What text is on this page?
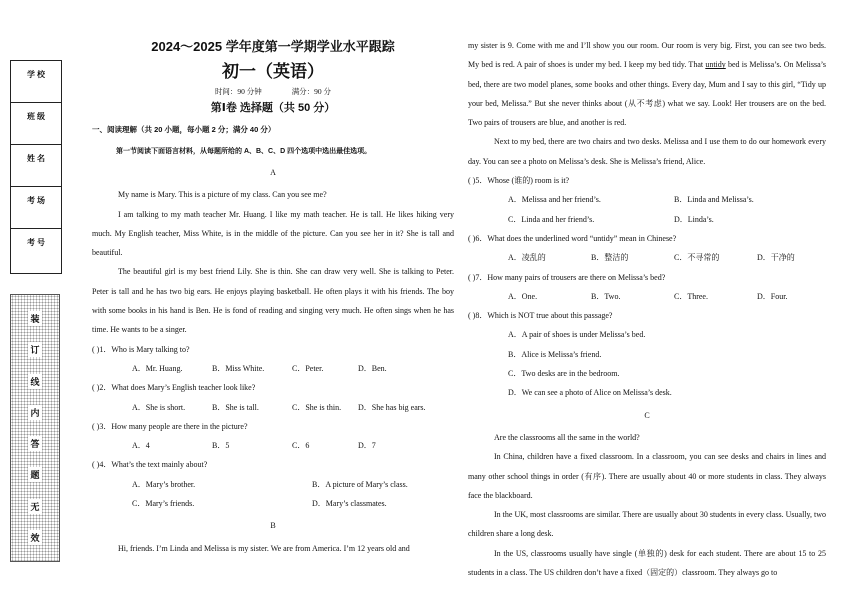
学 校
班 级
姓 名
考 场
考 号
装
订
线
内
答
题
无
效
2024～2025 学年度第一学期学业水平跟踪
初一（英语）
时间：90 分钟	满分：90 分
第Ⅰ卷 选择题（共 50 分）
一、阅读理解（共 20 小题，每小题 2 分；满分 40 分）
第一节阅读下面语言材料，从每题所给的 A、B、C、D 四个选项中选出最佳选项。
A

My name is Mary. This is a picture of my class. Can you see me?

I am talking to my math teacher Mr. Huang. I like my math teacher. He is tall. He likes hiking very much. My English teacher, Miss White, is in the middle of the picture. Can you see her in it? She is tall and beautiful.

The beautiful girl is my best friend Lily. She is thin. She can draw very well. She is talking to Peter. Peter is tall and he has two big ears. He enjoys playing basketball. He often plays it with his friends. The boy with some books in his hand is Ben. He is fond of reading and singing very much. He often sings when he has time. He wants to be a singer.

( )1．Who is Mary talking to?
A．Mr. Huang.	B．Miss White.	C．Peter.	D．Ben.
( )2．What does Mary’s English teacher look like?
A．She is short.	B．She is tall.	C．She is thin.	D．She has big ears.
( )3．How many people are there in the picture?
A．4	B．5	C．6	D．7
( )4．What’s the text mainly about?
A．Mary’s brother.	B．A picture of Mary’s class.
C．Mary’s friends.	D．Mary’s classmates.
B

Hi, friends. I’m Linda and Melissa is my sister. We are from America. I’m 12 years old and

my sister is 9. Come with me and I’ll show you our room. Our room is very big. First, you can see two beds. My bed is red. A pair of shoes is under my bed. I keep my bed tidy. That untidy bed is Melissa’s. On Melissa’s bed, there are two model planes, some books and other things. Every day, Mum and I say to this girl, “Tidy up your bed, Melissa.” But she never thinks about (从不考虑) what we say. Look! Her trousers are on the bed. Two pairs of trousers are blue, and another is red.

Next to my bed, there are two chairs and two desks. Melissa and I use them to do our homework every day. You can see a photo on Melissa’s desk. She is Melissa’s friend, Alice.

( )5．Whose (谁的) room is it?
A．Melissa and her friend’s.	B．Linda and Melissa’s.
C．Linda and her friend’s.	D．Linda’s.
( )6．What does the underlined word “untidy” mean in Chinese?
A．凌乱的	B．整洁的	C．不寻常的	D．干净的
( )7．How many pairs of trousers are there on Melissa’s bed?
A．One.	B．Two.	C．Three.	D．Four.
( )8．Which is NOT true about this passage?
A．A pair of shoes is under Melissa’s bed.
B．Alice is Melissa’s friend.
C．Two desks are in the bedroom.
D．We can see a photo of Alice on Melissa’s desk.
C

Are the classrooms all the same in the world?

In China, children have a fixed classroom. In a classroom, you can see desks and chairs in lines and many other school things in order (有序). There are usually about 40 or more students in class. They always face the blackboard.

In the UK, most classrooms are similar. There are usually about 30 students in every class. Usually, two children share a long desk.

In the US, classrooms usually have single (单独的) desk for each student. There are about 15 to 25 students in a class. The US children don’t have a fixed（固定的）classroom. They always go to
